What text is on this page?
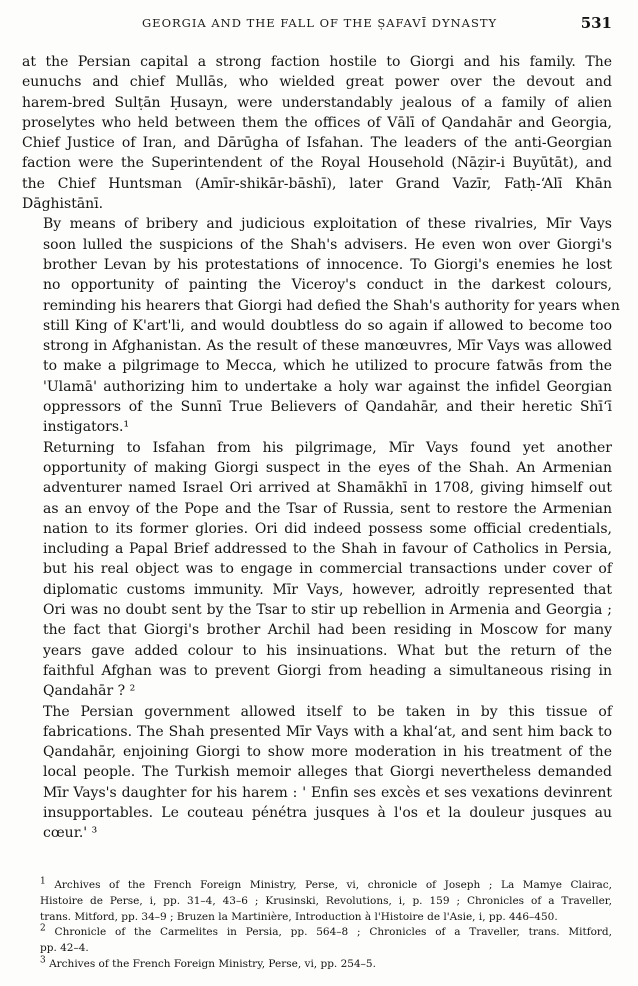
GEORGIA AND THE FALL OF THE ṢAFAVĪ DYNASTY	531

at the Persian capital a strong faction hostile to Giorgi and his family. The
eunuchs and chief Mullās, who wielded great power over the devout and
harem-bred Sulṭān Ḥusayn, were understandably jealous of a family of alien
proselytes who held between them the offices of Vālī of Qandahār and Georgia,
Chief Justice of Iran, and Dārūgha of Isfahan. The leaders of the anti-Georgian
faction were the Superintendent of the Royal Household (Nāẓir-i Buyūtāt), and
the Chief Huntsman (Amīr-shikār-bāshī), later Grand Vazīr, Fatḥ-ʻAlī Khān
Dāghistānī.

By means of bribery and judicious exploitation of these rivalries, Mīr Vays
soon lulled the suspicions of the Shah's advisers. He even won over Giorgi's
brother Levan by his protestations of innocence. To Giorgi's enemies he lost
no opportunity of painting the Viceroy's conduct in the darkest colours,
reminding his hearers that Giorgi had defied the Shah's authority for years when
still King of K'art'li, and would doubtless do so again if allowed to become too
strong in Afghanistan. As the result of these manœuvres, Mīr Vays was allowed
to make a pilgrimage to Mecca, which he utilized to procure fatwās from the
'Ulamā' authorizing him to undertake a holy war against the infidel Georgian
oppressors of the Sunnī True Believers of Qandahār, and their heretic Shīʻī
instigators.¹

Returning to Isfahan from his pilgrimage, Mīr Vays found yet another
opportunity of making Giorgi suspect in the eyes of the Shah. An Armenian
adventurer named Israel Ori arrived at Shamākhī in 1708, giving himself out
as an envoy of the Pope and the Tsar of Russia, sent to restore the Armenian
nation to its former glories. Ori did indeed possess some official credentials,
including a Papal Brief addressed to the Shah in favour of Catholics in Persia,
but his real object was to engage in commercial transactions under cover of
diplomatic customs immunity. Mīr Vays, however, adroitly represented that
Ori was no doubt sent by the Tsar to stir up rebellion in Armenia and Georgia ;
the fact that Giorgi's brother Archil had been residing in Moscow for many
years gave added colour to his insinuations. What but the return of the
faithful Afghan was to prevent Giorgi from heading a simultaneous rising in
Qandahār ? ²

The Persian government allowed itself to be taken in by this tissue of
fabrications. The Shah presented Mīr Vays with a khalʻat, and sent him back to
Qandahār, enjoining Giorgi to show more moderation in his treatment of the
local people. The Turkish memoir alleges that Giorgi nevertheless demanded
Mīr Vays's daughter for his harem : ' Enfin ses excès et ses vexations devinrent
insupportables. Le couteau pénétra jusques à l'os et la douleur jusques au
cœur.' ³

$^1$ Archives of the French Foreign Ministry, Perse, vi, chronicle of Joseph ; La Mamye Clairac,
Histoire de Perse, i, pp. 31–4, 43–6 ; Krusinski, Revolutions, i, p. 159 ; Chronicles of a Traveller,
trans. Mitford, pp. 34–9 ; Bruzen la Martinière, Introduction à l'Histoire de l'Asie, i, pp. 446–450.

$^2$ Chronicle of the Carmelites in Persia, pp. 564–8 ; Chronicles of a Traveller, trans. Mitford,
pp. 42–4.

$^3$ Archives of the French Foreign Ministry, Perse, vi, pp. 254–5.
